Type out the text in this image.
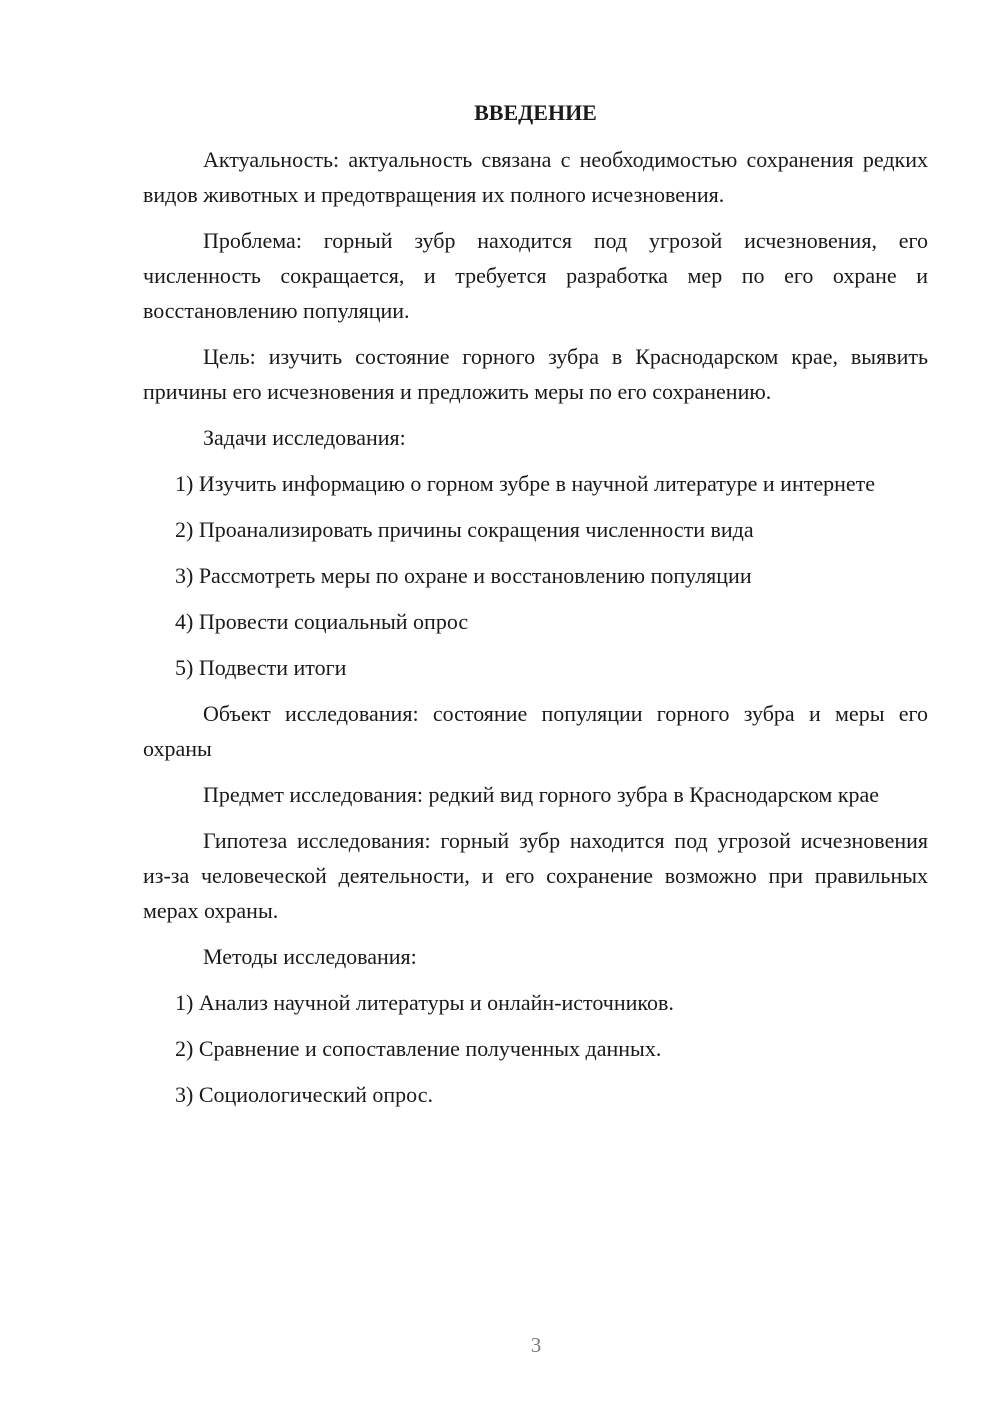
ВВЕДЕНИЕ

Актуальность: актуальность связана с необходимостью сохранения редких видов животных и предотвращения их полного исчезновения.

Проблема: горный зубр находится под угрозой исчезновения, его численность сокращается, и требуется разработка мер по его охране и восстановлению популяции.

Цель: изучить состояние горного зубра в Краснодарском крае, выявить причины его исчезновения и предложить меры по его сохранению.

Задачи исследования:

1) Изучить информацию о горном зубре в научной литературе и интернете

2) Проанализировать причины сокращения численности вида

3) Рассмотреть меры по охране и восстановлению популяции

4) Провести социальный опрос

5) Подвести итоги

Объект исследования: состояние популяции горного зубра и меры его охраны

Предмет исследования: редкий вид горного зубра в Краснодарском крае

Гипотеза исследования: горный зубр находится под угрозой исчезновения из-за человеческой деятельности, и его сохранение возможно при правильных мерах охраны.

Методы исследования:

1) Анализ научной литературы и онлайн-источников.

2) Сравнение и сопоставление полученных данных.

3) Социологический опрос.

3
